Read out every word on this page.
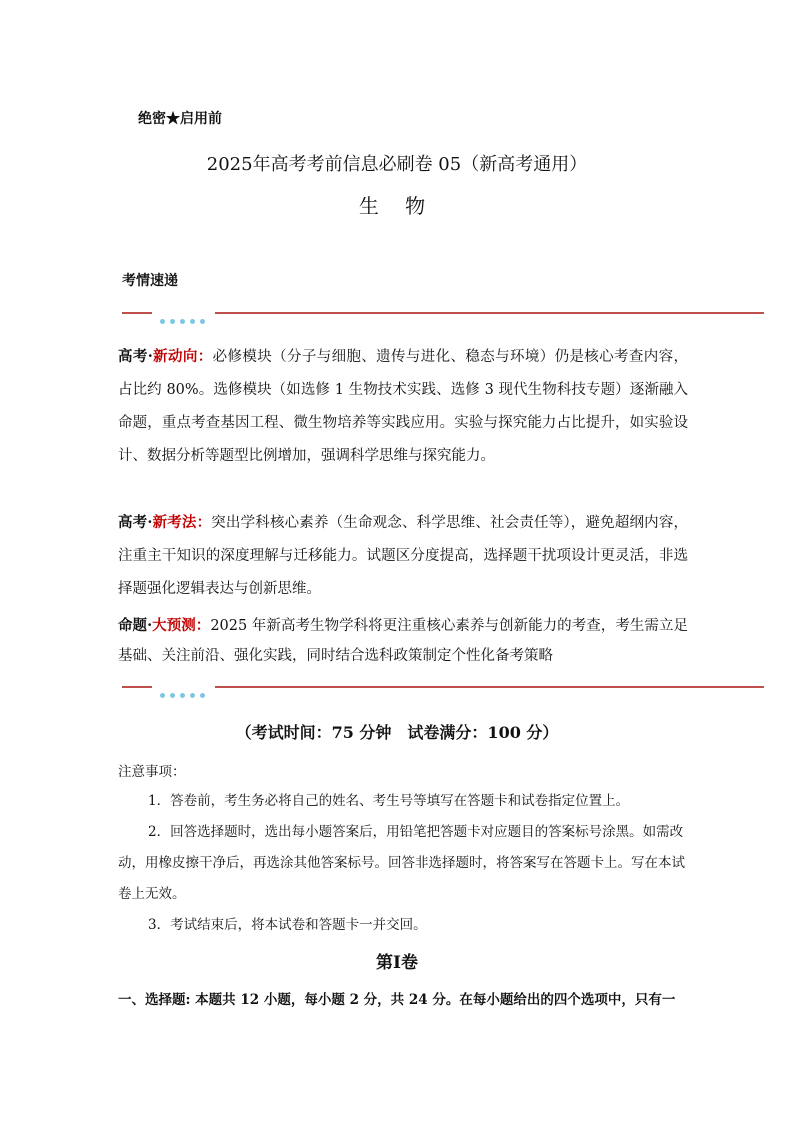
绝密★启用前
2025年高考考前信息必刷卷 05（新高考通用）
生 物
考情速递
高考·新动向：必修模块（分子与细胞、遗传与进化、稳态与环境）仍是核心考查内容，占比约 80%。选修模块（如选修 1 生物技术实践、选修 3 现代生物科技专题）逐渐融入命题，重点考查基因工程、微生物培养等实践应用。实验与探究能力占比提升，如实验设计、数据分析等题型比例增加，强调科学思维与探究能力。
高考·新考法：突出学科核心素养（生命观念、科学思维、社会责任等），避免超纲内容，注重主干知识的深度理解与迁移能力。试题区分度提高，选择题干扰项设计更灵活，非选择题强化逻辑表达与创新思维。
命题·大预测：2025 年新高考生物学科将更注重核心素养与创新能力的考查，考生需立足基础、关注前沿、强化实践，同时结合选科政策制定个性化备考策略
（考试时间：75 分钟　试卷满分：100 分）
注意事项：
1．答卷前，考生务必将自己的姓名、考生号等填写在答题卡和试卷指定位置上。
2．回答选择题时，选出每小题答案后，用铅笔把答题卡对应题目的答案标号涂黑。如需改动，用橡皮擦干净后，再选涂其他答案标号。回答非选择题时，将答案写在答题卡上。写在本试卷上无效。
3．考试结束后，将本试卷和答题卡一并交回。
第Ⅰ卷
一、选择题: 本题共 12 小题，每小题 2 分，共 24 分。在每小题给出的四个选项中，只有一
